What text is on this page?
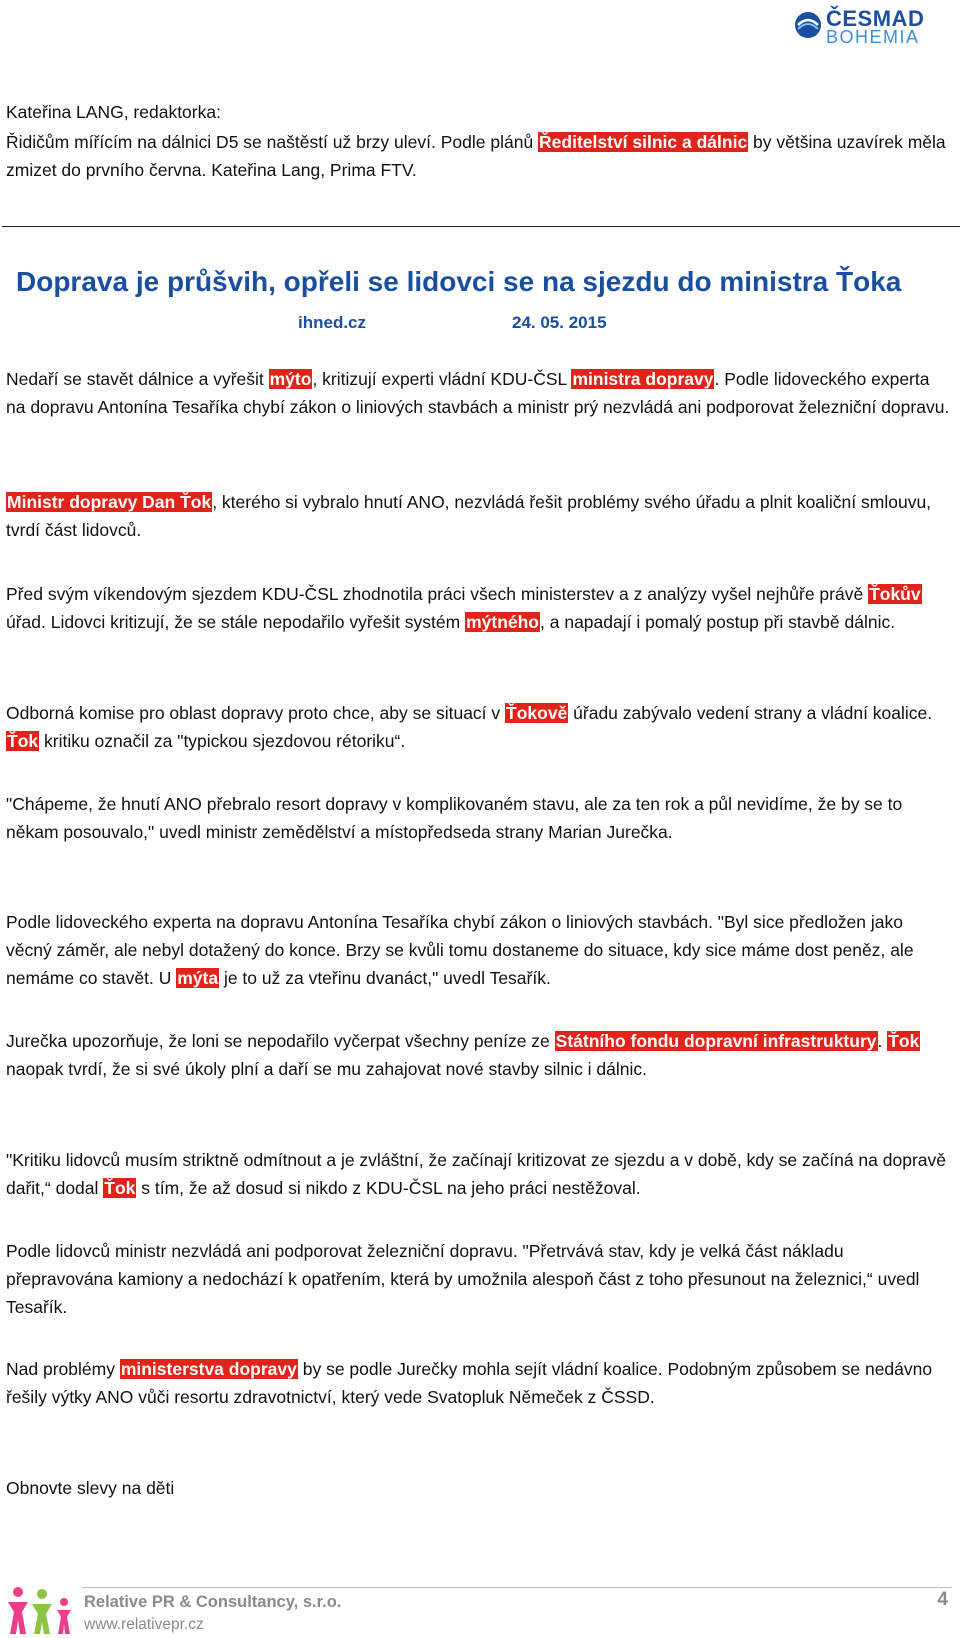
ČESMAD
BOHEMIA

Kateřina LANG, redaktorka:

Řidičům mířícím na dálnici D5 se naštěstí už brzy uleví. Podle plánů Ředitelství silnic a dálnic by většina uzavírek měla zmizet do prvního června. Kateřina Lang, Prima FTV.

Doprava je průšvih, opřeli se lidovci se na sjezdu do ministra Ťoka
ihned.cz	24. 05. 2015

Nedaří se stavět dálnice a vyřešit mýto, kritizují experti vládní KDU-ČSL ministra dopravy. Podle lidoveckého experta na dopravu Antonína Tesaříka chybí zákon o liniových stavbách a ministr prý nezvládá ani podporovat železniční dopravu.

Ministr dopravy Dan Ťok, kterého si vybralo hnutí ANO, nezvládá řešit problémy svého úřadu a plnit koaliční smlouvu, tvrdí část lidovců.

Před svým víkendovým sjezdem KDU-ČSL zhodnotila práci všech ministerstev a z analýzy vyšel nejhůře právě Ťokův úřad. Lidovci kritizují, že se stále nepodařilo vyřešit systém mýtného, a napadají i pomalý postup při stavbě dálnic.

Odborná komise pro oblast dopravy proto chce, aby se situací v Ťokově úřadu zabývalo vedení strany a vládní koalice. Ťok kritiku označil za "typickou sjezdovou rétoriku“.

"Chápeme, že hnutí ANO přebralo resort dopravy v komplikovaném stavu, ale za ten rok a půl nevidíme, že by se to někam posouvalo," uvedl ministr zemědělství a místopředseda strany Marian Jurečka.

Podle lidoveckého experta na dopravu Antonína Tesaříka chybí zákon o liniových stavbách. "Byl sice předložen jako věcný záměr, ale nebyl dotažený do konce. Brzy se kvůli tomu dostaneme do situace, kdy sice máme dost peněz, ale nemáme co stavět. U mýta je to už za vteřinu dvanáct," uvedl Tesařík.

Jurečka upozorňuje, že loni se nepodařilo vyčerpat všechny peníze ze Státního fondu dopravní infrastruktury. Ťok naopak tvrdí, že si své úkoly plní a daří se mu zahajovat nové stavby silnic i dálnic.

"Kritiku lidovců musím striktně odmítnout a je zvláštní, že začínají kritizovat ze sjezdu a v době, kdy se začíná na dopravě dařit,“ dodal Ťok s tím, že až dosud si nikdo z KDU-ČSL na jeho práci nestěžoval.

Podle lidovců ministr nezvládá ani podporovat železniční dopravu. "Přetrvává stav, kdy je velká část nákladu přepravována kamiony a nedochází k opatřením, která by umožnila alespoň část z toho přesunout na železnici,“ uvedl Tesařík.

Nad problémy ministerstva dopravy by se podle Jurečky mohla sejít vládní koalice. Podobným způsobem se nedávno řešily výtky ANO vůči resortu zdravotnictví, který vede Svatopluk Němeček z ČSSD.

Obnovte slevy na děti

Relative PR & Consultancy, s.r.o.
www.relativepr.cz
4
